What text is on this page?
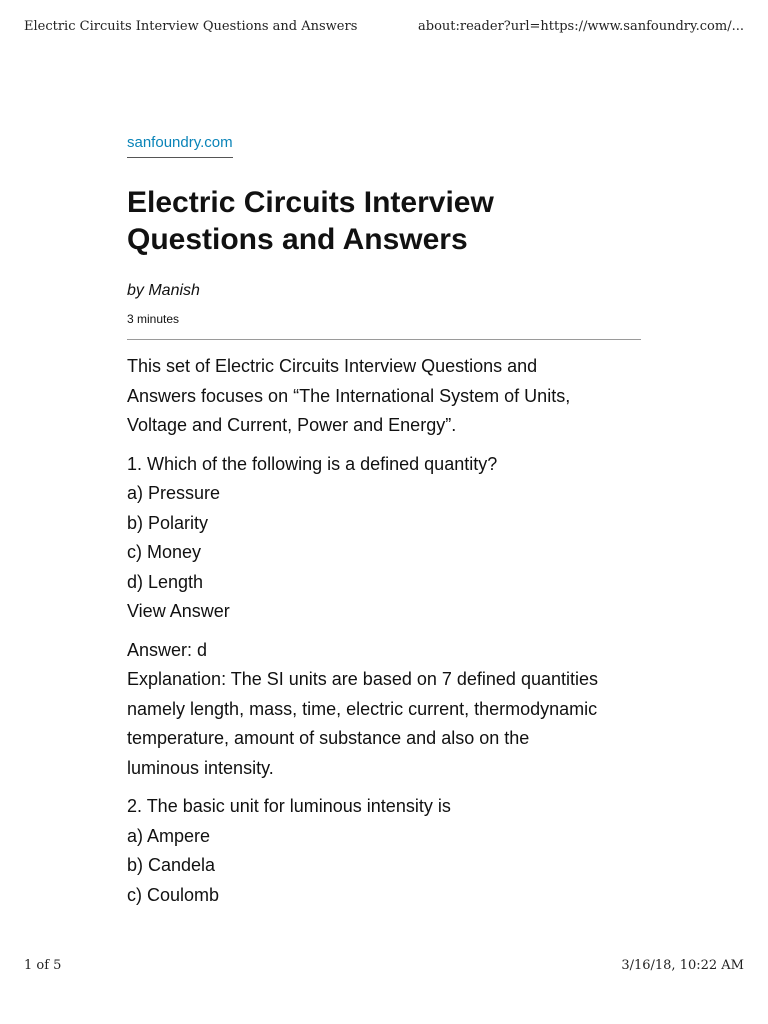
Electric Circuits Interview Questions and Answers	about:reader?url=https://www.sanfoundry.com/...
sanfoundry.com
Electric Circuits Interview
Questions and Answers
by Manish
3 minutes

This set of Electric Circuits Interview Questions and
Answers focuses on “The International System of Units,
Voltage and Current, Power and Energy”.

1. Which of the following is a defined quantity?
a) Pressure
b) Polarity
c) Money
d) Length
View Answer

Answer: d
Explanation: The SI units are based on 7 defined quantities
namely length, mass, time, electric current, thermodynamic
temperature, amount of substance and also on the
luminous intensity.

2. The basic unit for luminous intensity is
a) Ampere
b) Candela
c) Coulomb

1 of 5	3/16/18, 10:22 AM
